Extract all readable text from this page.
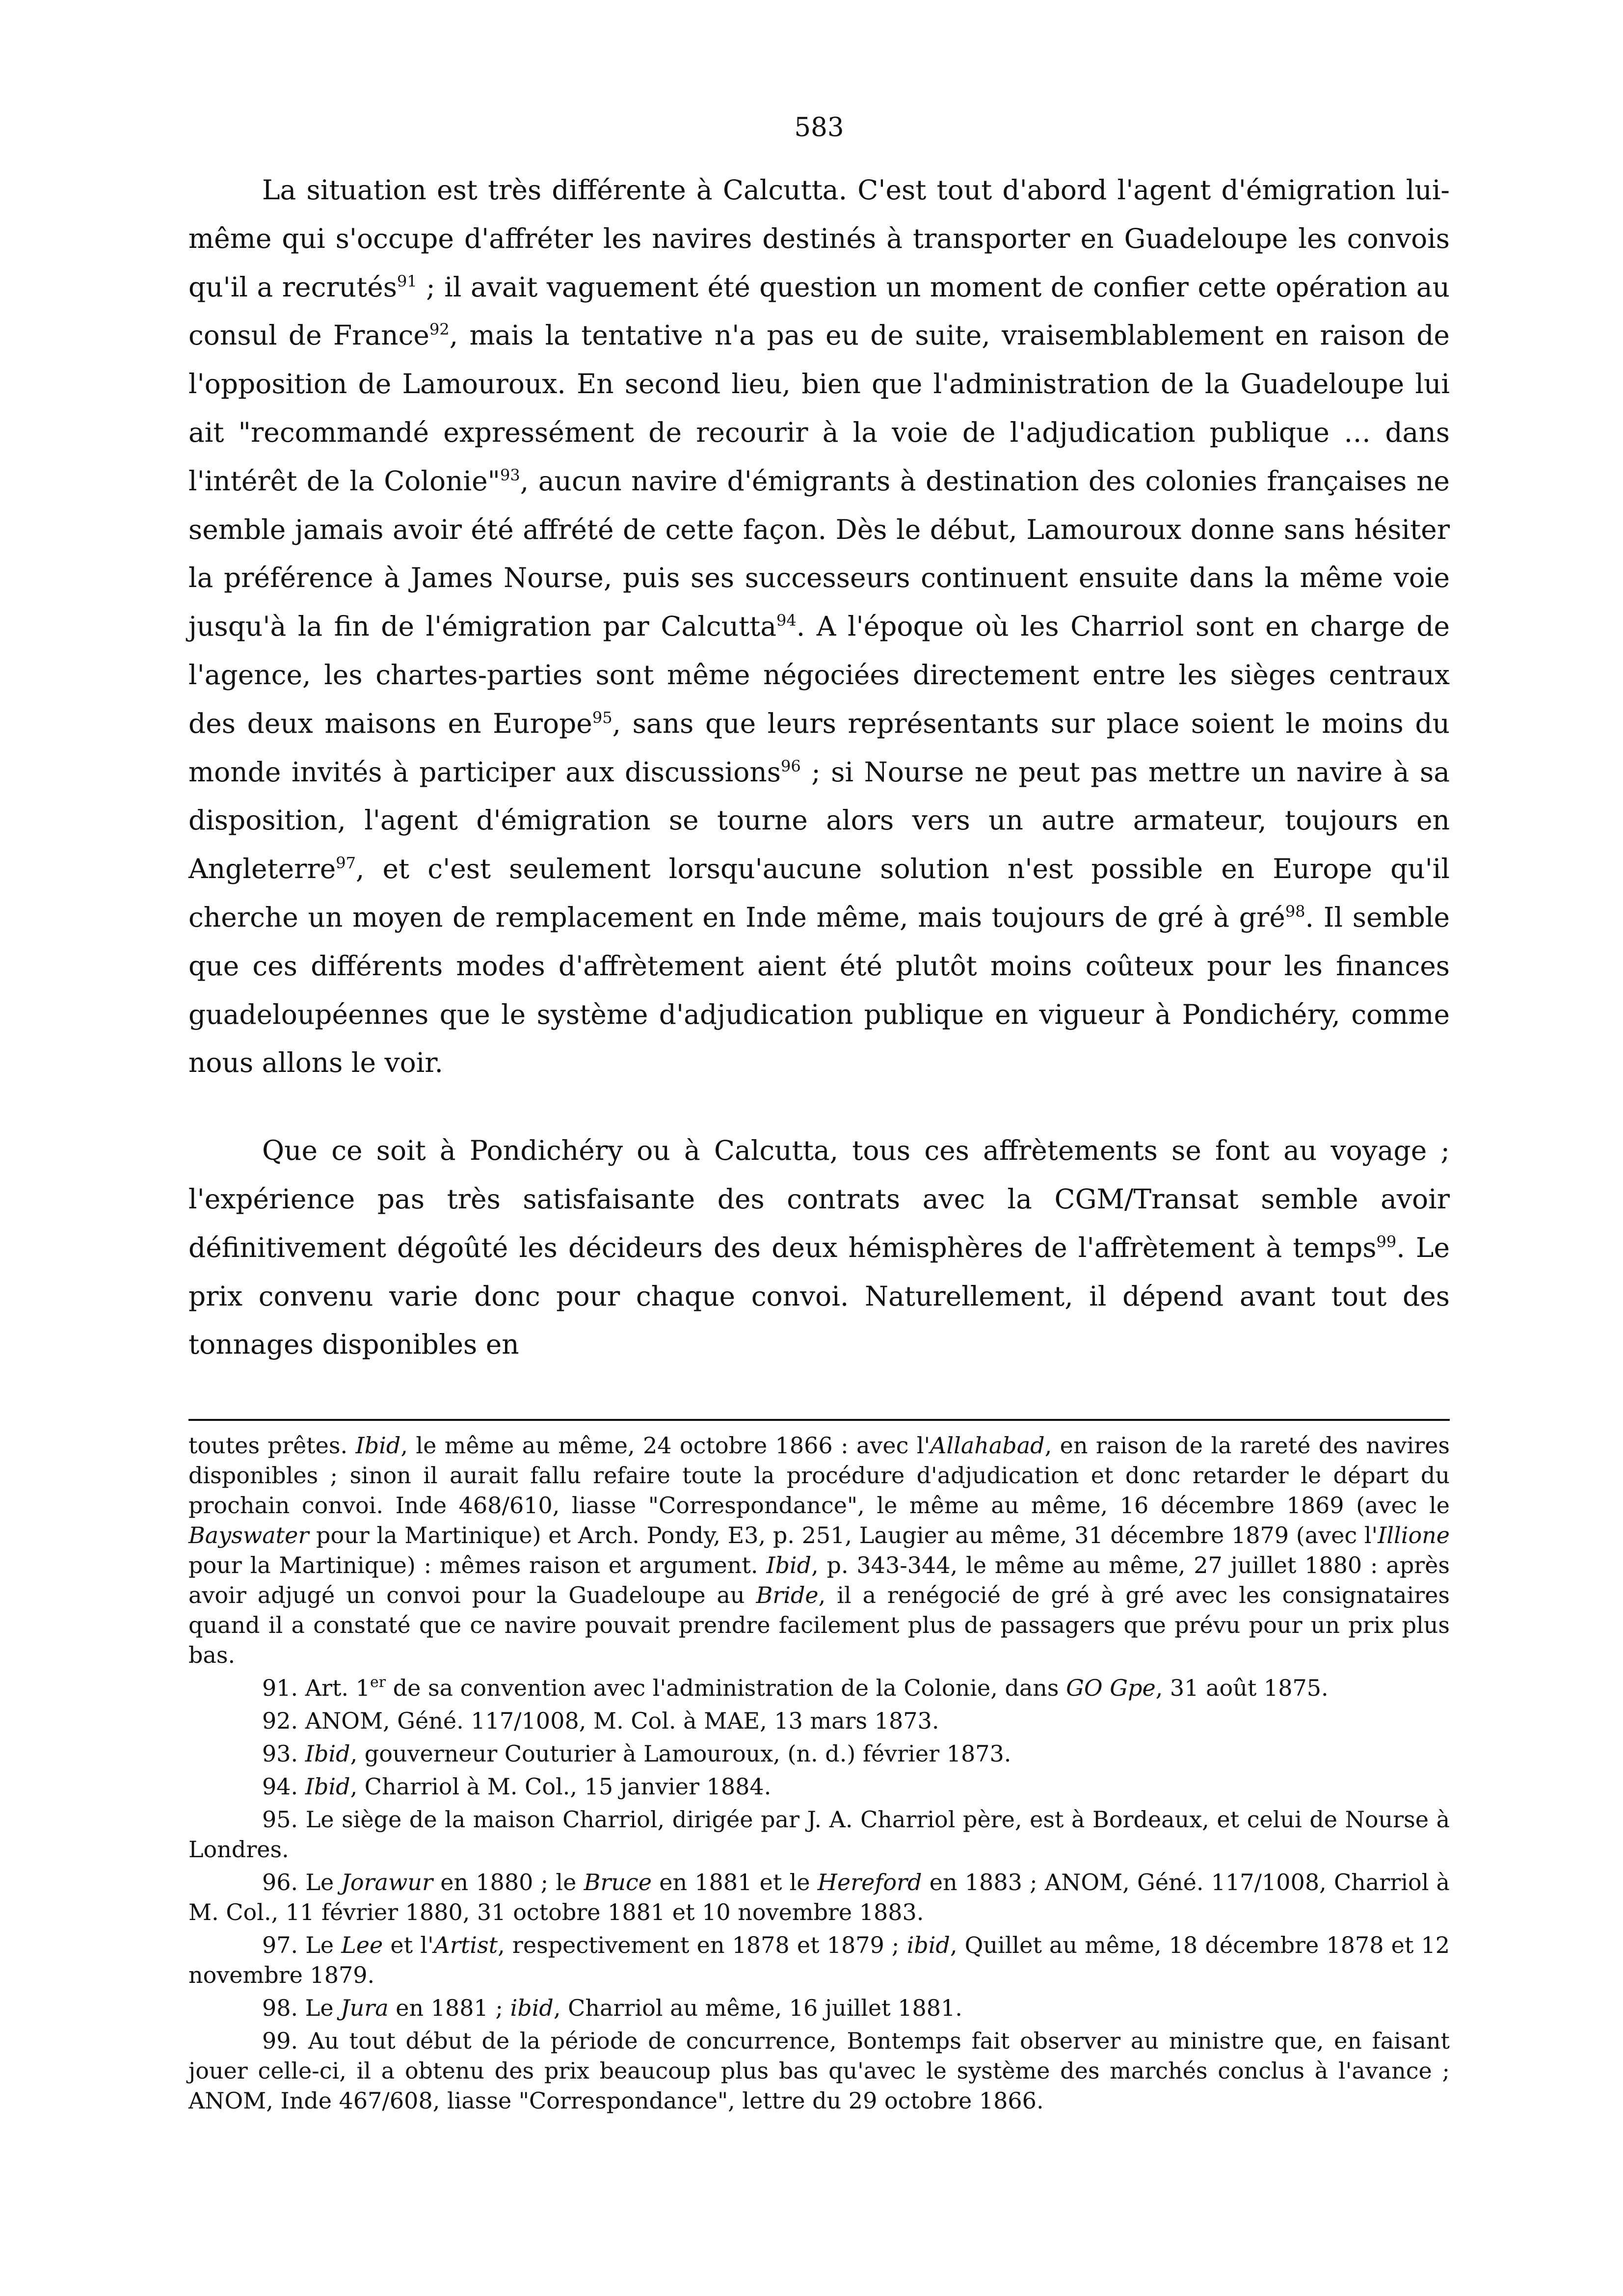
583

La situation est très différente à Calcutta. C'est tout d'abord l'agent d'émigration lui-même qui s'occupe d'affréter les navires destinés à transporter en Guadeloupe les convois qu'il a recrutés$^{91}$ ; il avait vaguement été question un moment de confier cette opération au consul de France$^{92}$, mais la tentative n'a pas eu de suite, vraisemblablement en raison de l'opposition de Lamouroux. En second lieu, bien que l'administration de la Guadeloupe lui ait "recommandé expressément de recourir à la voie de l'adjudication publique … dans l'intérêt de la Colonie"$^{93}$, aucun navire d'émigrants à destination des colonies françaises ne semble jamais avoir été affrété de cette façon. Dès le début, Lamouroux donne sans hésiter la préférence à James Nourse, puis ses successeurs continuent ensuite dans la même voie jusqu'à la fin de l'émigration par Calcutta$^{94}$. A l'époque où les Charriol sont en charge de l'agence, les chartes-parties sont même négociées directement entre les sièges centraux des deux maisons en Europe$^{95}$, sans que leurs représentants sur place soient le moins du monde invités à participer aux discussions$^{96}$ ; si Nourse ne peut pas mettre un navire à sa disposition, l'agent d'émigration se tourne alors vers un autre armateur, toujours en Angleterre$^{97}$, et c'est seulement lorsqu'aucune solution n'est possible en Europe qu'il cherche un moyen de remplacement en Inde même, mais toujours de gré à gré$^{98}$. Il semble que ces différents modes d'affrètement aient été plutôt moins coûteux pour les finances guadeloupéennes que le système d'adjudication publique en vigueur à Pondichéry, comme nous allons le voir.

Que ce soit à Pondichéry ou à Calcutta, tous ces affrètements se font au voyage ; l'expérience pas très satisfaisante des contrats avec la CGM/Transat semble avoir définitivement dégoûté les décideurs des deux hémisphères de l'affrètement à temps$^{99}$. Le prix convenu varie donc pour chaque convoi. Naturellement, il dépend avant tout des tonnages disponibles en

toutes prêtes. Ibid, le même au même, 24 octobre 1866 : avec l'Allahabad, en raison de la rareté des navires disponibles ; sinon il aurait fallu refaire toute la procédure d'adjudication et donc retarder le départ du prochain convoi. Inde 468/610, liasse "Correspondance", le même au même, 16 décembre 1869 (avec le Bayswater pour la Martinique) et Arch. Pondy, E3, p. 251, Laugier au même, 31 décembre 1879 (avec l'Illione pour la Martinique) : mêmes raison et argument. Ibid, p. 343-344, le même au même, 27 juillet 1880 : après avoir adjugé un convoi pour la Guadeloupe au Bride, il a renégocié de gré à gré avec les consignataires quand il a constaté que ce navire pouvait prendre facilement plus de passagers que prévu pour un prix plus bas.

91. Art. 1er de sa convention avec l'administration de la Colonie, dans GO Gpe, 31 août 1875.

92. ANOM, Géné. 117/1008, M. Col. à MAE, 13 mars 1873.

93. Ibid, gouverneur Couturier à Lamouroux, (n. d.) février 1873.

94. Ibid, Charriol à M. Col., 15 janvier 1884.

95. Le siège de la maison Charriol, dirigée par J. A. Charriol père, est à Bordeaux, et celui de Nourse à Londres.

96. Le Jorawur en 1880 ; le Bruce en 1881 et le Hereford en 1883 ; ANOM, Géné. 117/1008, Charriol à M. Col., 11 février 1880, 31 octobre 1881 et 10 novembre 1883.

97. Le Lee et l'Artist, respectivement en 1878 et 1879 ; ibid, Quillet au même, 18 décembre 1878 et 12 novembre 1879.

98. Le Jura en 1881 ; ibid, Charriol au même, 16 juillet 1881.

99. Au tout début de la période de concurrence, Bontemps fait observer au ministre que, en faisant jouer celle-ci, il a obtenu des prix beaucoup plus bas qu'avec le système des marchés conclus à l'avance ; ANOM, Inde 467/608, liasse "Correspondance", lettre du 29 octobre 1866.
